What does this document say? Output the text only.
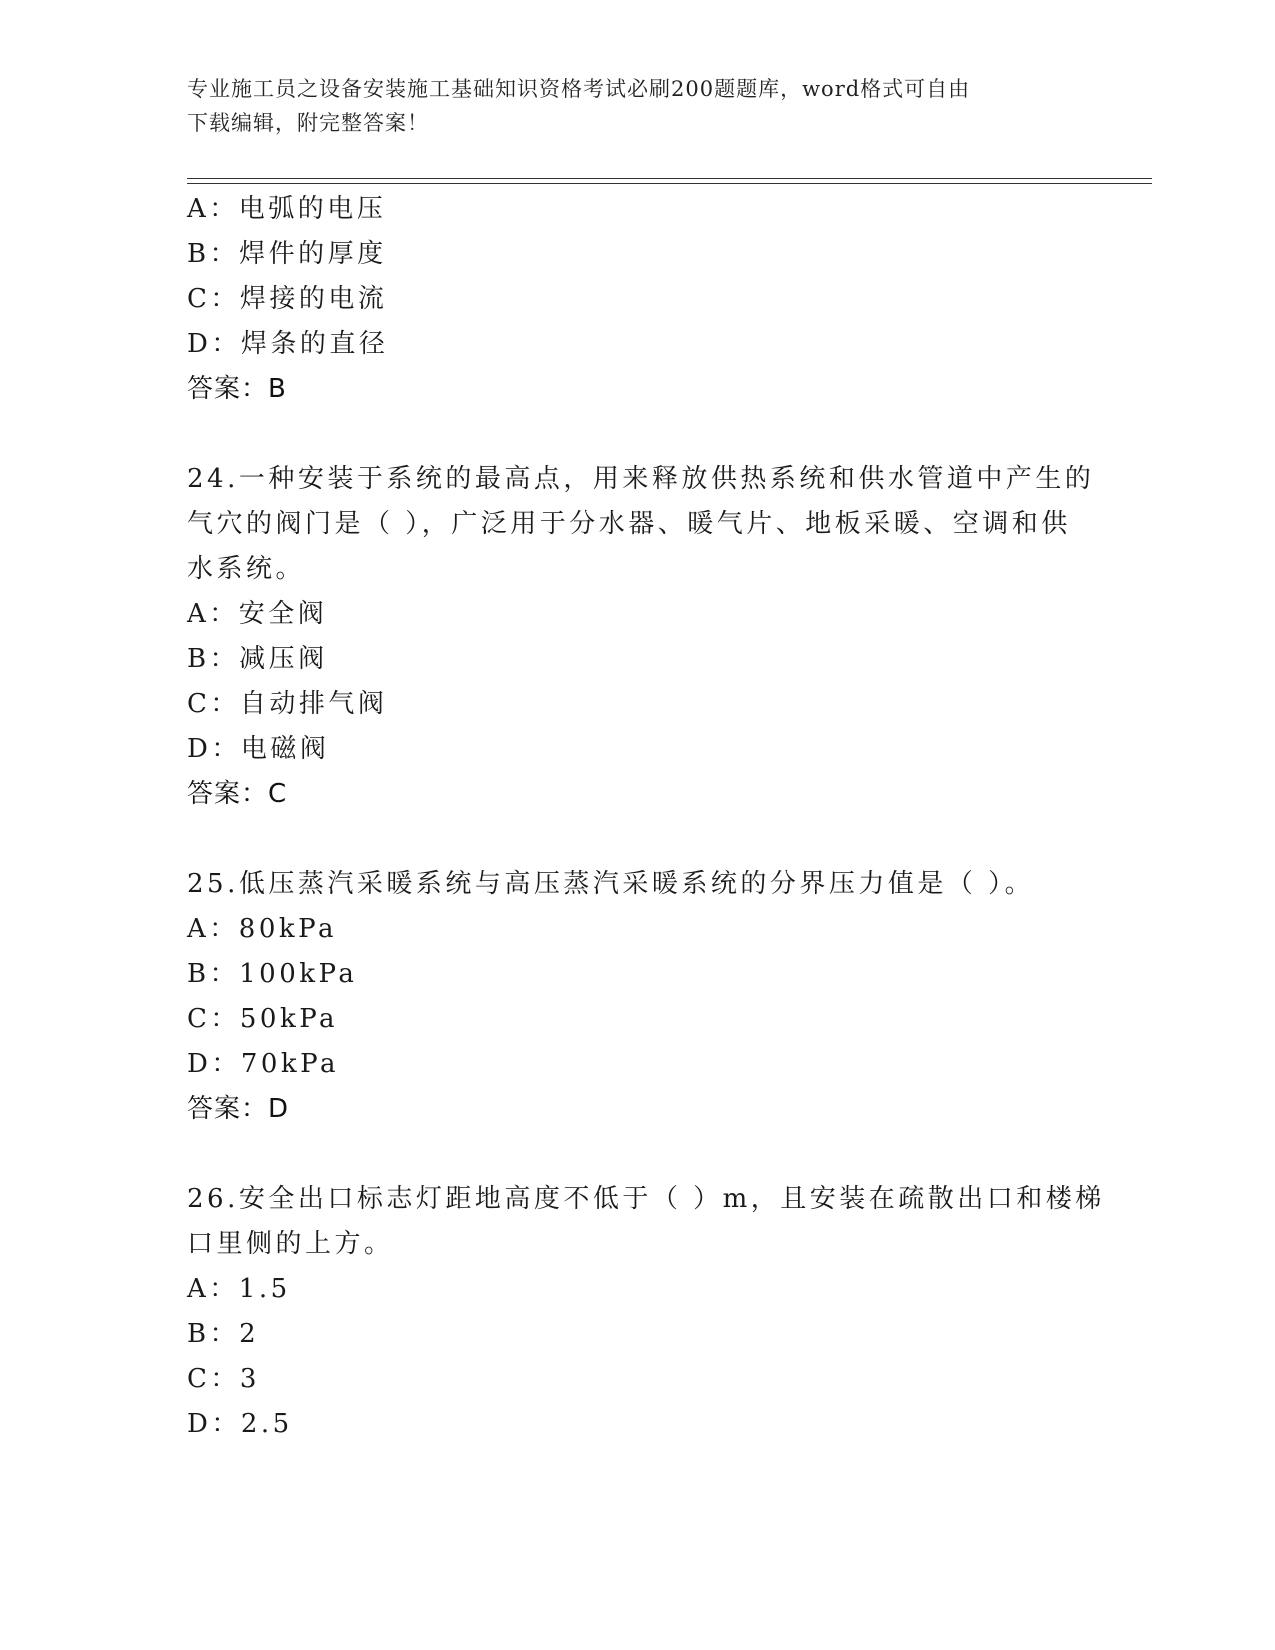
专业施工员之设备安装施工基础知识资格考试必刷200题题库，word格式可自由
下载编辑，附完整答案！
A：电弧的电压
B：焊件的厚度
C：焊接的电流
D：焊条的直径
答案：B
24.一种安装于系统的最高点，用来释放供热系统和供水管道中产生的
气穴的阀门是（ ），广泛用于分水器、暖气片、地板采暖、空调和供
水系统。
A：安全阀
B：减压阀
C：自动排气阀
D：电磁阀
答案：C
25.低压蒸汽采暖系统与高压蒸汽采暖系统的分界压力值是（ ）。
A：80kPa
B：100kPa
C：50kPa
D：70kPa
答案：D
26.安全出口标志灯距地高度不低于（ ）m，且安装在疏散出口和楼梯
口里侧的上方。
A：1.5
B：2
C：3
D：2.5
